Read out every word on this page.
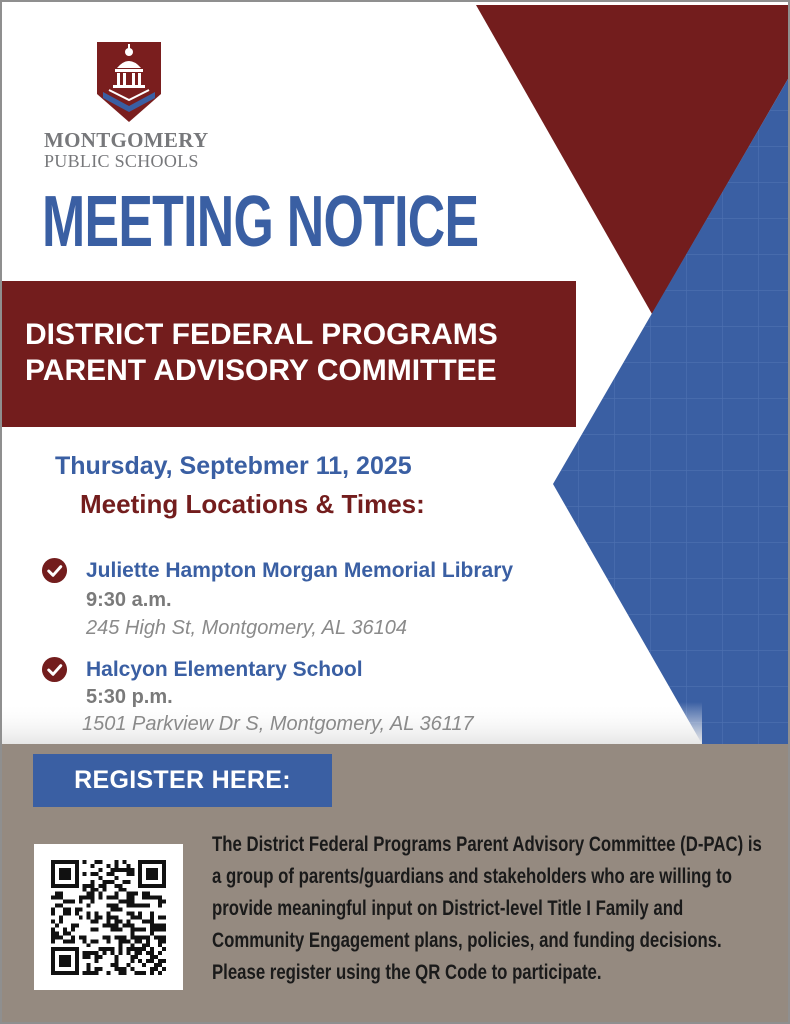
MONTGOMERY
PUBLIC SCHOOLS
MEETING NOTICE
DISTRICT FEDERAL PROGRAMS
PARENT ADVISORY COMMITTEE
Thursday, Septebmer 11, 2025
Meeting Locations & Times:
Juliette Hampton Morgan Memorial Library
9:30 a.m.
245 High St, Montgomery, AL 36104
Halcyon Elementary School
5:30 p.m.
1501 Parkview Dr S, Montgomery, AL 36117
REGISTER HERE:
The District Federal Programs Parent Advisory Committee (D-PAC) is
a group of parents/guardians and stakeholders who are willing to
provide meaningful input on District-level Title I Family and
Community Engagement plans, policies, and funding decisions.
Please register using the QR Code to participate.
